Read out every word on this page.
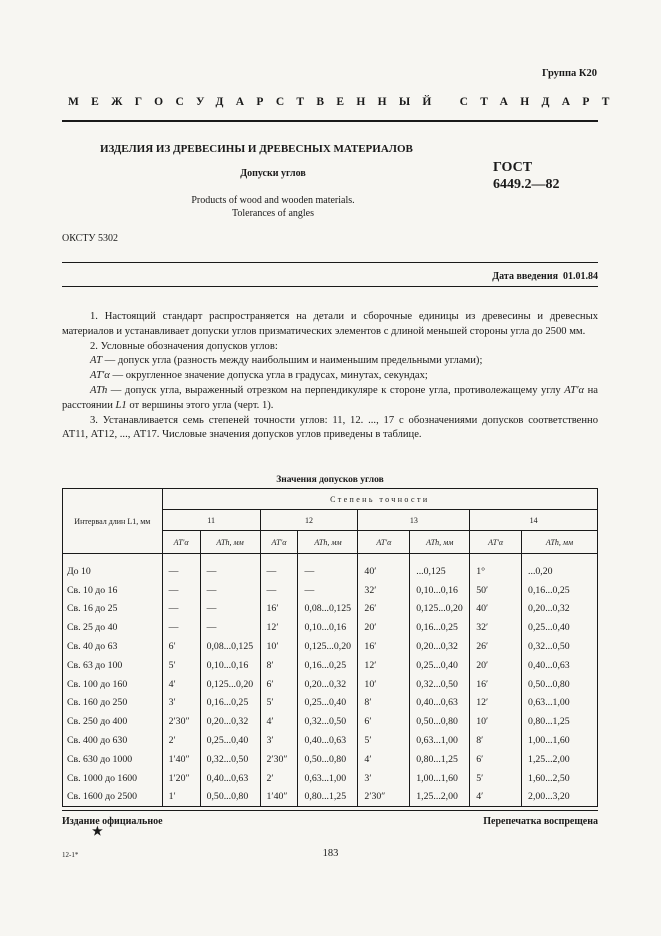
Группа К20
МЕЖГОСУДАРСТВЕННЫЙ СТАНДАРТ
ИЗДЕЛИЯ ИЗ ДРЕВЕСИНЫ И ДРЕВЕСНЫХ МАТЕРИАЛОВ
Допуски углов	ГОСТ
6449.2—82
Products of wood and wooden materials.
Tolerances of angles
ОКСТУ 5302
Дата введения 01.01.84

1. Настоящий стандарт распространяется на детали и сборочные единицы из древесины и древесных материалов и устанавливает допуски углов призматических элементов с длиной меньшей стороны угла до 2500 мм.

2. Условные обозначения допусков углов:

AT — допуск угла (разность между наибольшим и наименьшим предельными углами);

AT′α — округленное значение допуска угла в градусах, минутах, секундах;

ATh — допуск угла, выраженный отрезком на перпендикуляре к стороне угла, противолежащему углу AT′α на расстоянии L1 от вершины этого угла (черт. 1).

3. Устанавливается семь степеней точности углов: 11, 12. ..., 17 с обозначениями допусков соответственно АТ11, АТ12, ..., АТ17. Числовые значения допусков углов приведены в таблице.

Значения допусков углов
Интервал длин L1, мм	Степень точности							
	11		12		13		14	
	AT′α	ATh, мм	AT′α	ATh, мм	AT′α	ATh, мм	AT′α	ATh, мм

До 10	—	—	—	—	40′	...0,125	1°	...0,20
Св. 10 до 16	—	—	—	—	32′	0,10...0,16	50′	0,16...0,25
Св. 16 до 25	—	—	16′	0,08...0,125	26′	0,125...0,20	40′	0,20...0,32
Св. 25 до 40	—	—	12′	0,10...0,16	20′	0,16...0,25	32′	0,25...0,40
Св. 40 до 63	6′	0,08...0,125	10′	0,125...0,20	16′	0,20...0,32	26′	0,32...0,50
Св. 63 до 100	5′	0,10...0,16	8′	0,16...0,25	12′	0,25...0,40	20′	0,40...0,63
Св. 100 до 160	4′	0,125...0,20	6′	0,20...0,32	10′	0,32...0,50	16′	0,50...0,80
Св. 160 до 250	3′	0,16...0,25	5′	0,25...0,40	8′	0,40...0,63	12′	0,63...1,00
Св. 250 до 400	2′30″	0,20...0,32	4′	0,32...0,50	6′	0,50...0,80	10′	0,80...1,25
Св. 400 до 630	2′	0,25...0,40	3′	0,40...0,63	5′	0,63...1,00	8′	1,00...1,60
Св. 630 до 1000	1′40″	0,32...0,50	2′30″	0,50...0,80	4′	0,80...1,25	6′	1,25...2,00
Св. 1000 до 1600	1′20″	0,40...0,63	2′	0,63...1,00	3′	1,00...1,60	5′	1,60...2,50
Св. 1600 до 2500	1′	0,50...0,80	1′40″	0,80...1,25	2′30″	1,25...2,00	4′	2,00...3,20
Издание официальное	Перепечатка воспрещена
★
12-1*	183
